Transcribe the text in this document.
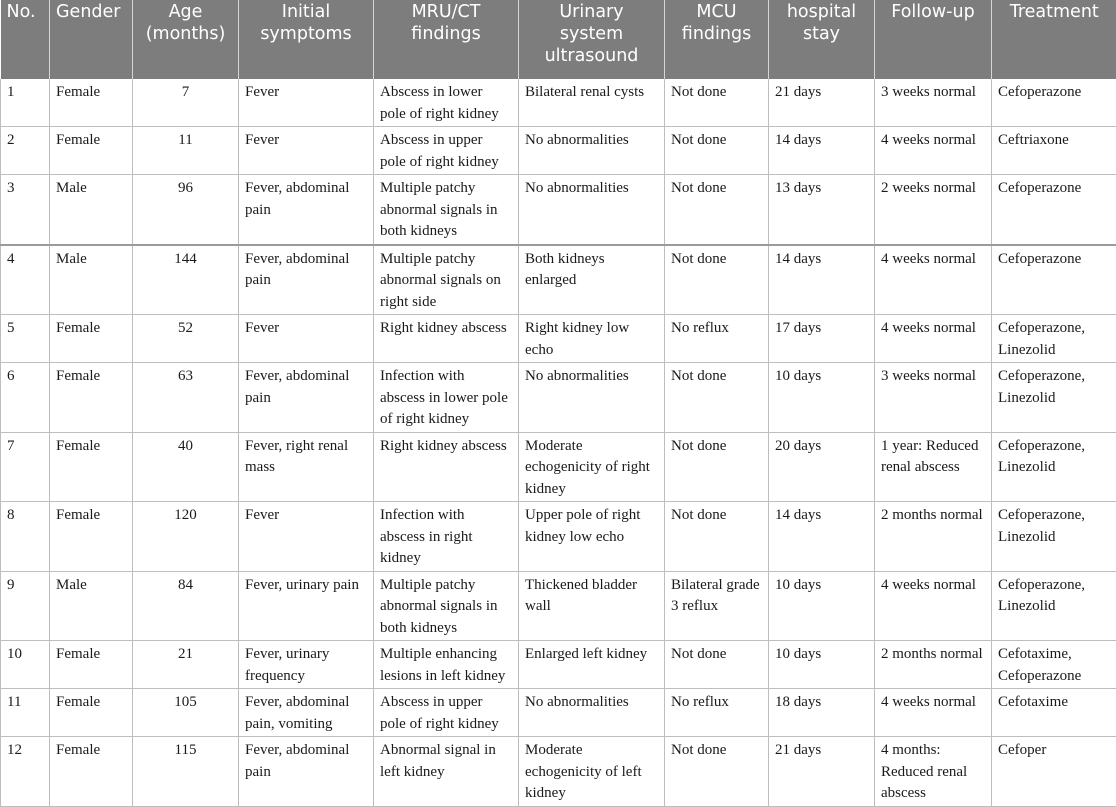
No.	Gender	Age (months)	Initial symptoms	MRU/CT findings	Urinary system ultrasound	MCU findings	hospital stay	Follow-up	Treatment
1	Female	7	Fever	Abscess in lower pole of right kidney	Bilateral renal cysts	Not done	21 days	3 weeks normal	Cefoperazone
2	Female	11	Fever	Abscess in upper pole of right kidney	No abnormalities	Not done	14 days	4 weeks normal	Ceftriaxone
3	Male	96	Fever, abdominal pain	Multiple patchy abnormal signals in both kidneys	No abnormalities	Not done	13 days	2 weeks normal	Cefoperazone
4	Male	144	Fever, abdominal pain	Multiple patchy abnormal signals on right side	Both kidneys enlarged	Not done	14 days	4 weeks normal	Cefoperazone
5	Female	52	Fever	Right kidney abscess	Right kidney low echo	No reflux	17 days	4 weeks normal	Cefoperazone, Linezolid
6	Female	63	Fever, abdominal pain	Infection with abscess in lower pole of right kidney	No abnormalities	Not done	10 days	3 weeks normal	Cefoperazone, Linezolid
7	Female	40	Fever, right renal mass	Right kidney abscess	Moderate echogenicity of right kidney	Not done	20 days	1 year: Reduced renal abscess	Cefoperazone, Linezolid
8	Female	120	Fever	Infection with abscess in right kidney	Upper pole of right kidney low echo	Not done	14 days	2 months normal	Cefoperazone, Linezolid
9	Male	84	Fever, urinary pain	Multiple patchy abnormal signals in both kidneys	Thickened bladder wall	Bilateral grade 3 reflux	10 days	4 weeks normal	Cefoperazone, Linezolid
10	Female	21	Fever, urinary frequency	Multiple enhancing lesions in left kidney	Enlarged left kidney	Not done	10 days	2 months normal	Cefotaxime, Cefoperazone
11	Female	105	Fever, abdominal pain, vomiting	Abscess in upper pole of right kidney	No abnormalities	No reflux	18 days	4 weeks normal	Cefotaxime
12	Female	115	Fever, abdominal pain	Abnormal signal in left kidney	Moderate echogenicity of left kidney	Not done	21 days	4 months: Reduced renal abscess	Cefoper
